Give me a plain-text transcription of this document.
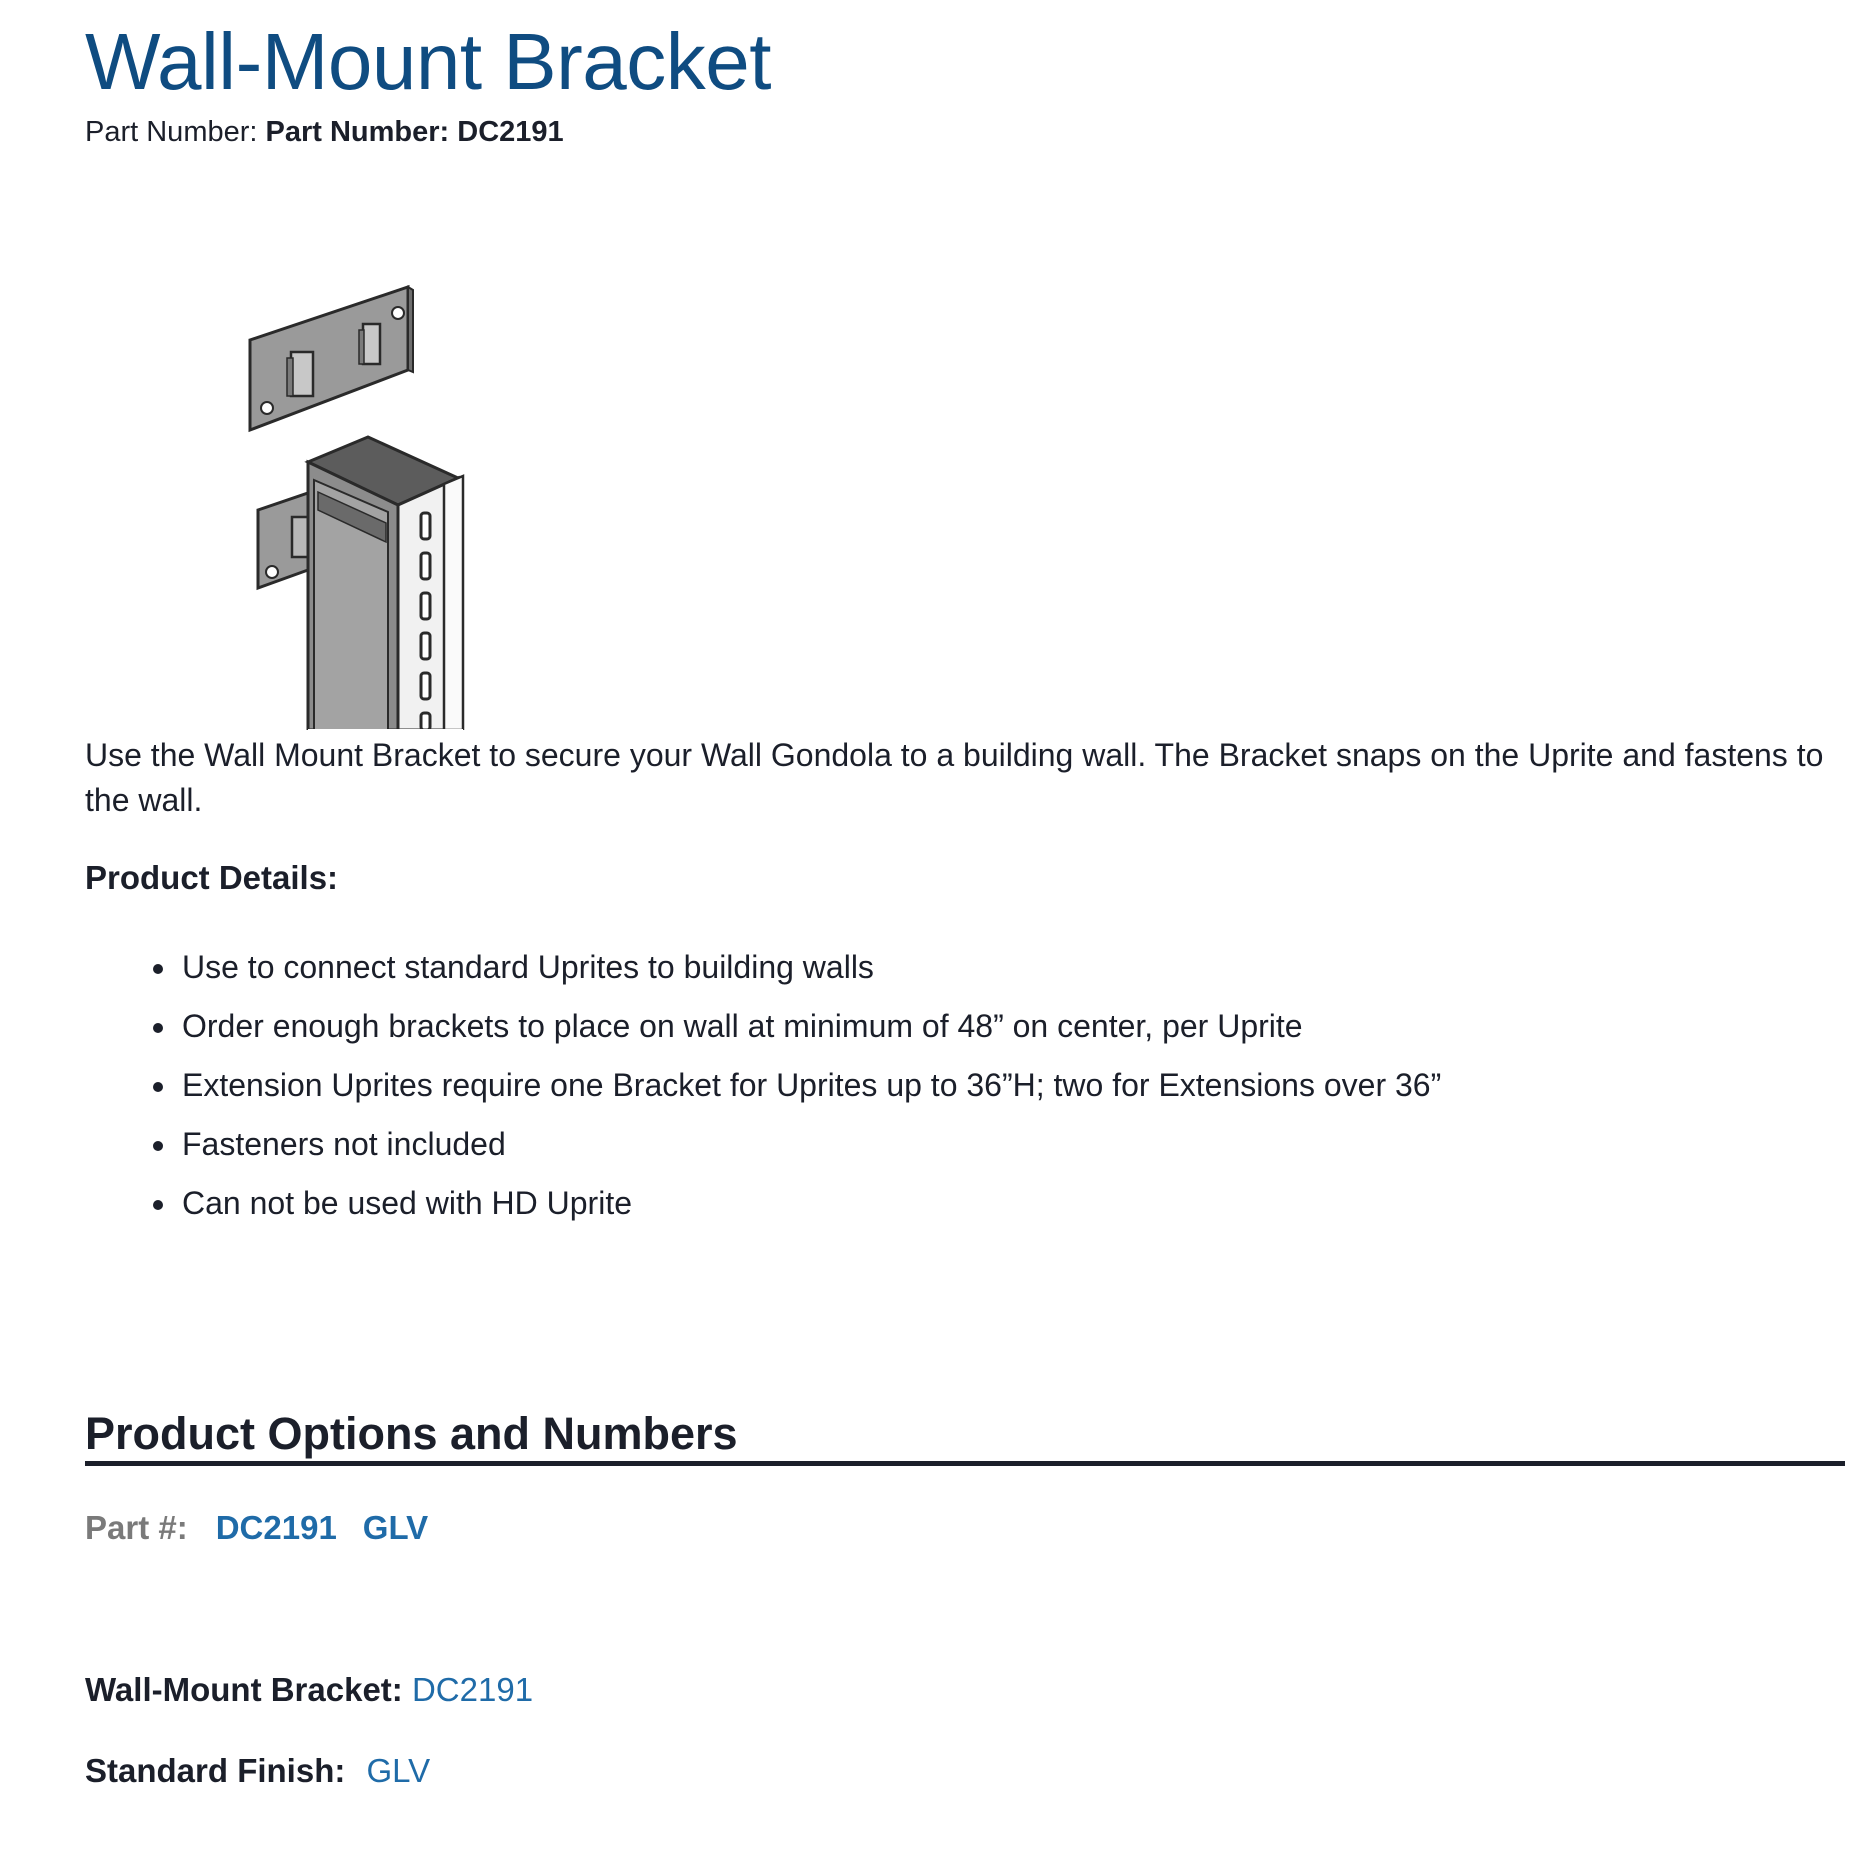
Wall-Mount Bracket
Part Number: Part Number: DC2191

Use the Wall Mount Bracket to secure your Wall Gondola to a building wall. The Bracket snaps on the Uprite and fastens to the wall.

Product Details:
Use to connect standard Uprites to building walls
Order enough brackets to place on wall at minimum of 48” on center, per Uprite
Extension Uprites require one Bracket for Uprites up to 36”H; two for Extensions over 36”
Fasteners not included
Can not be used with HD Uprite
Product Options and Numbers
Part #: DC2191 GLV
Wall-Mount Bracket: DC2191
Standard Finish: GLV
